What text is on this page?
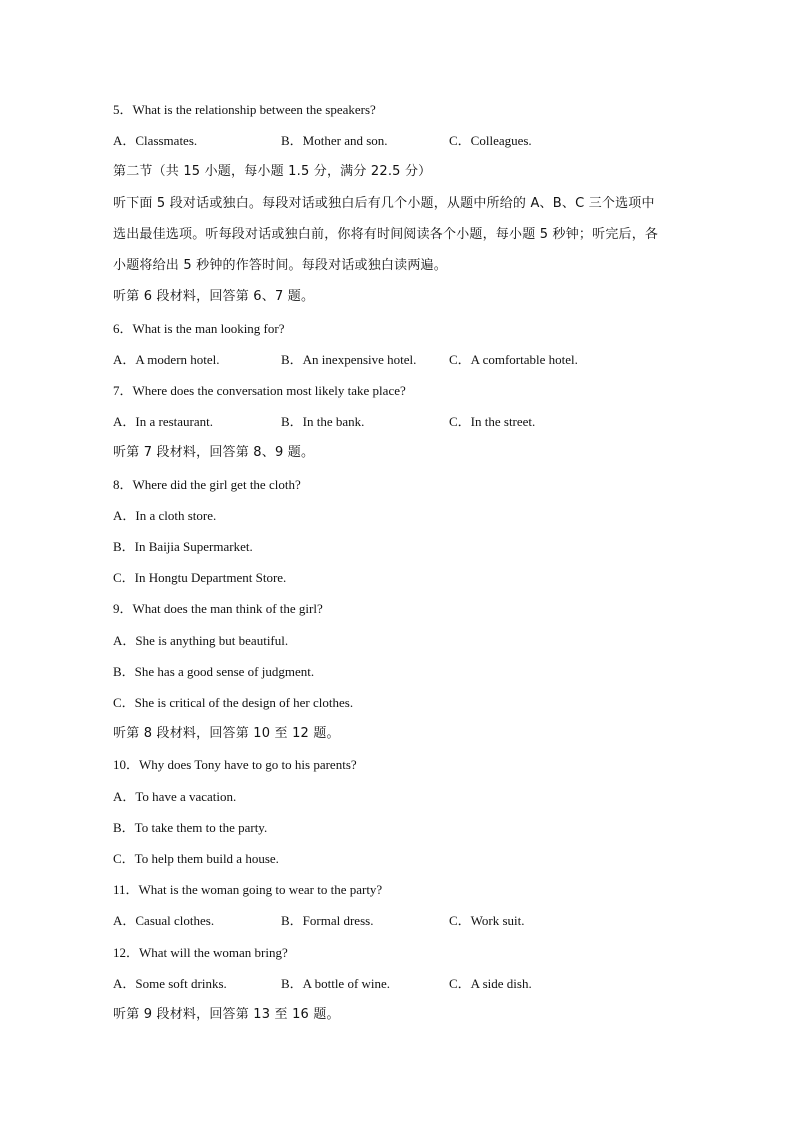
5．What is the relationship between the speakers?
A．Classmates.	B．Mother and son.	C．Colleagues.
第二节（共 15 小题，每小题 1.5 分，满分 22.5 分）
听下面 5 段对话或独白。每段对话或独白后有几个小题，从题中所给的 A、B、C 三个选项中
选出最佳选项。听每段对话或独白前，你将有时间阅读各个小题，每小题 5 秒钟；听完后，各
小题将给出 5 秒钟的作答时间。每段对话或独白读两遍。
听第 6 段材料，回答第 6、7 题。
6．What is the man looking for?
A．A modern hotel.	B．An inexpensive hotel.	C．A comfortable hotel.
7．Where does the conversation most likely take place?
A．In a restaurant.	B．In the bank.	C．In the street.
听第 7 段材料，回答第 8、9 题。
8．Where did the girl get the cloth?
A．In a cloth store.
B．In Baijia Supermarket.
C．In Hongtu Department Store.
9．What does the man think of the girl?
A．She is anything but beautiful.
B．She has a good sense of judgment.
C．She is critical of the design of her clothes.
听第 8 段材料，回答第 10 至 12 题。
10．Why does Tony have to go to his parents?
A．To have a vacation.
B．To take them to the party.
C．To help them build a house.
11．What is the woman going to wear to the party?
A．Casual clothes.	B．Formal dress.	C．Work suit.
12．What will the woman bring?
A．Some soft drinks.	B．A bottle of wine.	C．A side dish.
听第 9 段材料，回答第 13 至 16 题。
